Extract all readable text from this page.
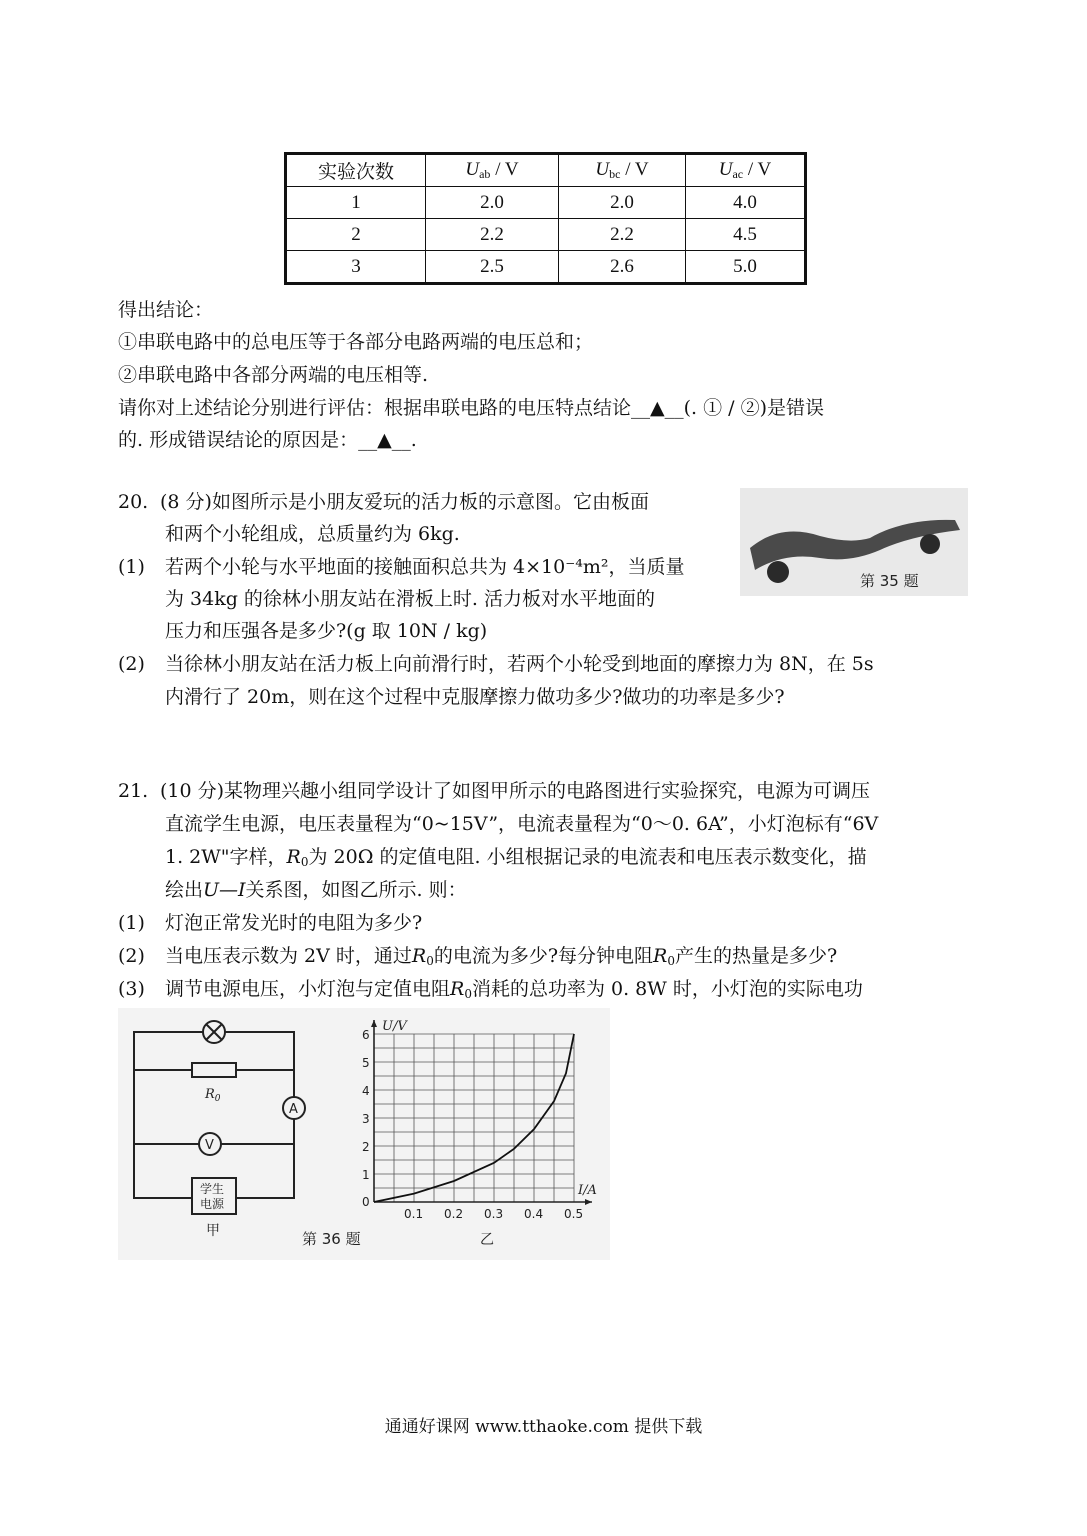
实验次数	$U_{ab}$ / V	$U_{bc}$ / V	$U_{ac}$ / V
1	2.0	2.0	4.0
2	2.2	2.2	4.5
3	2.5	2.6	5.0
得出结论：
①串联电路中的总电压等于各部分电路两端的电压总和；
②串联电路中各部分两端的电压相等.
请你对上述结论分别进行评估：根据串联电路的电压特点结论__▲__(. ① / ②)是错误
的. 形成错误结论的原因是：__▲__.
20. (8 分)如图所示是小朋友爱玩的活力板的示意图。它由板面
和两个小轮组成，总质量约为 6kg.
(1) 若两个小轮与水平地面的接触面积总共为 4×10⁻⁴m²，当质量
为 34kg 的徐林小朋友站在滑板上时. 活力板对水平地面的
压力和压强各是多少?(g 取 10N / kg)
(2) 当徐林小朋友站在活力板上向前滑行时，若两个小轮受到地面的摩擦力为 8N，在 5s
内滑行了 20m，则在这个过程中克服摩擦力做功多少?做功的功率是多少?
第 35 题
21. (10 分)某物理兴趣小组同学设计了如图甲所示的电路图进行实验探究，电源为可调压
直流学生电源，电压表量程为“0~15V”，电流表量程为“0～0. 6A”，小灯泡标有“6V
1. 2W"字样，$R_0$为 20Ω 的定值电阻. 小组根据记录的电流表和电压表示数变化，描
绘出U—I关系图，如图乙所示. 则：
(1) 灯泡正常发光时的电阻为多少?
(2) 当电压表示数为 2V 时，通过$R_0$的电流为多少?每分钟电阻$R_0$产生的热量是多少?
(3) 调节电源电压，小灯泡与定值电阻$R_0$消耗的总功率为 0. 8W 时，小灯泡的实际电功
$R_0$
A
V
学生
电源
甲	第 36 题
1
2
3
4
5
6
0.1 0.2 0.3 0.4 0.5
0
U/V
I/A
乙
通通好课网 www.tthaoke.com 提供下载
